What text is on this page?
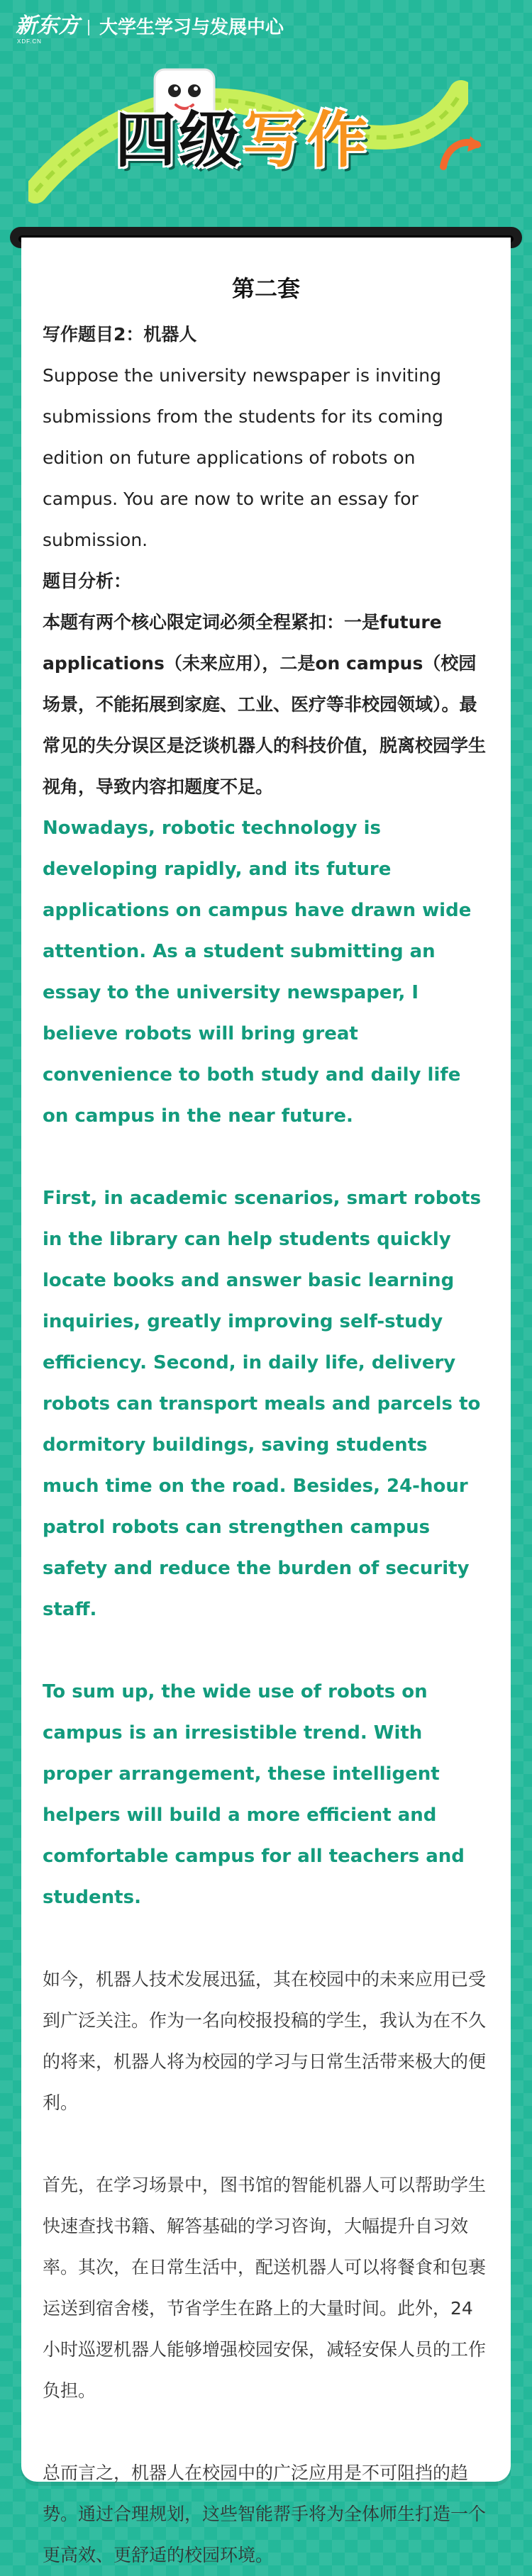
新东方
XDF.CN
大学生学习与发展中心
四级写作
第二套

写作题目2：机器人

Suppose the university newspaper is inviting submissions from the students for its coming edition on future applications of robots on campus. You are now to write an essay for submission.

题目分析：

本题有两个核心限定词必须全程紧扣：一是future applications（未来应用），二是on campus（校园场景，不能拓展到家庭、工业、医疗等非校园领域）。最常见的失分误区是泛谈机器人的科技价值，脱离校园学生视角，导致内容扣题度不足。

Nowadays, robotic technology is developing rapidly, and its future applications on campus have drawn wide attention. As a student submitting an essay to the university newspaper, I believe robots will bring great convenience to both study and daily life on campus in the near future.

First, in academic scenarios, smart robots in the library can help students quickly locate books and answer basic learning inquiries, greatly improving self-study efficiency. Second, in daily life, delivery robots can transport meals and parcels to dormitory buildings, saving students much time on the road. Besides, 24-hour patrol robots can strengthen campus safety and reduce the burden of security staff.

To sum up, the wide use of robots on campus is an irresistible trend. With proper arrangement, these intelligent helpers will build a more efficient and comfortable campus for all teachers and students.

如今，机器人技术发展迅猛，其在校园中的未来应用已受到广泛关注。作为一名向校报投稿的学生，我认为在不久的将来，机器人将为校园的学习与日常生活带来极大的便利。

首先，在学习场景中，图书馆的智能机器人可以帮助学生快速查找书籍、解答基础的学习咨询，大幅提升自习效率。其次，在日常生活中，配送机器人可以将餐食和包裹运送到宿舍楼，节省学生在路上的大量时间。此外，24 小时巡逻机器人能够增强校园安保，减轻安保人员的工作负担。

总而言之，机器人在校园中的广泛应用是不可阻挡的趋势。通过合理规划，这些智能帮手将为全体师生打造一个更高效、更舒适的校园环境。
